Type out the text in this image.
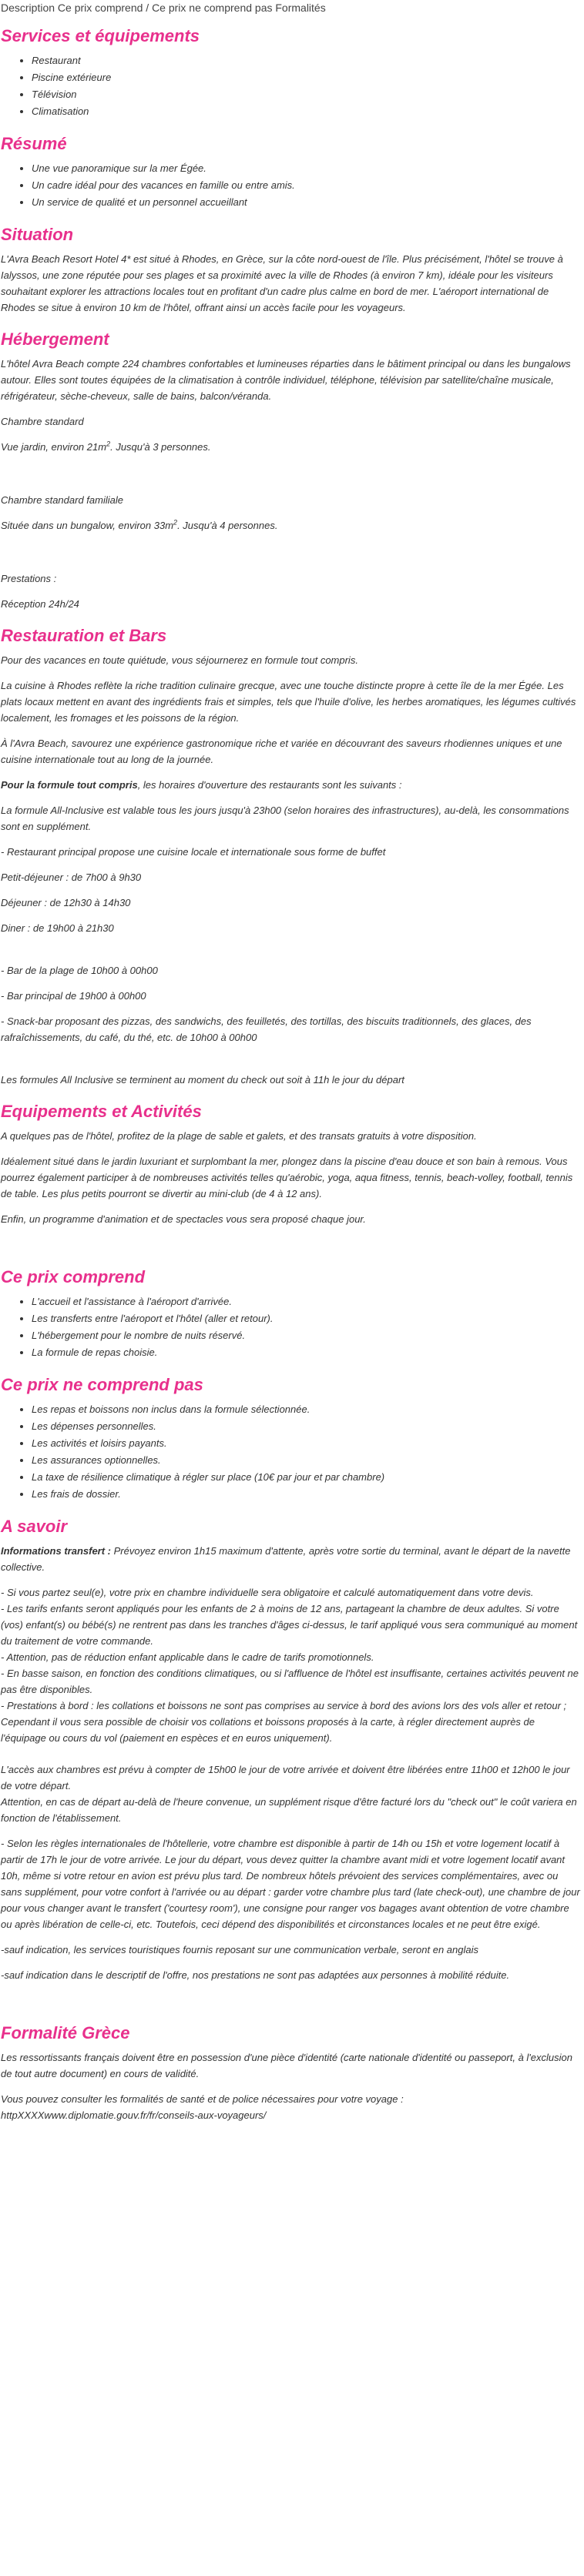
Description Ce prix comprend / Ce prix ne comprend pas Formalités
Services et équipements
• Restaurant
• Piscine extérieure
• Télévision
• Climatisation
Résumé
• Une vue panoramique sur la mer Égée.
• Un cadre idéal pour des vacances en famille ou entre amis.
• Un service de qualité et un personnel accueillant
Situation

L'Avra Beach Resort Hotel 4* est situé à Rhodes, en Grèce, sur la côte nord-ouest de l'île. Plus précisément, l'hôtel se trouve à Ialyssos, une zone réputée pour ses plages et sa proximité avec la ville de Rhodes (à environ 7 km), idéale pour les visiteurs souhaitant explorer les attractions locales tout en profitant d'un cadre plus calme en bord de mer. L'aéroport international de Rhodes se situe à environ 10 km de l'hôtel, offrant ainsi un accès facile pour les voyageurs.

Hébergement

L'hôtel Avra Beach compte 224 chambres confortables et lumineuses réparties dans le bâtiment principal ou dans les bungalows autour. Elles sont toutes équipées de la climatisation à contrôle individuel, téléphone, télévision par satellite/chaîne musicale, réfrigérateur, sèche-cheveux, salle de bains, balcon/véranda.

Chambre standard

Vue jardin, environ $21m^2$. Jusqu'à 3 personnes.

Chambre standard familiale

Située dans un bungalow, environ $33m^2$. Jusqu'à 4 personnes.

Prestations :

Réception 24h/24

Restauration et Bars

Pour des vacances en toute quiétude, vous séjournerez en formule tout compris.

La cuisine à Rhodes reflète la riche tradition culinaire grecque, avec une touche distincte propre à cette île de la mer Égée. Les plats locaux mettent en avant des ingrédients frais et simples, tels que l'huile d'olive, les herbes aromatiques, les légumes cultivés localement, les fromages et les poissons de la région.

À l'Avra Beach, savourez une expérience gastronomique riche et variée en découvrant des saveurs rhodiennes uniques et une cuisine internationale tout au long de la journée.

Pour la formule tout compris, les horaires d'ouverture des restaurants sont les suivants :

La formule All-Inclusive est valable tous les jours jusqu'à 23h00 (selon horaires des infrastructures), au-delà, les consommations sont en supplément.

- Restaurant principal propose une cuisine locale et internationale sous forme de buffet

Petit-déjeuner : de 7h00 à 9h30

Déjeuner : de 12h30 à 14h30

Diner : de 19h00 à 21h30

- Bar de la plage de 10h00 à 00h00

- Bar principal de 19h00 à 00h00

- Snack-bar proposant des pizzas, des sandwichs, des feuilletés, des tortillas, des biscuits traditionnels, des glaces, des rafraîchissements, du café, du thé, etc. de 10h00 à 00h00

Les formules All Inclusive se terminent au moment du check out soit à 11h le jour du départ

Equipements et Activités

A quelques pas de l'hôtel, profitez de la plage de sable et galets, et des transats gratuits à votre disposition.

Idéalement situé dans le jardin luxuriant et surplombant la mer, plongez dans la piscine d'eau douce et son bain à remous. Vous pourrez également participer à de nombreuses activités telles qu'aérobic, yoga, aqua fitness, tennis, beach-volley, football, tennis de table. Les plus petits pourront se divertir au mini-club (de 4 à 12 ans).

Enfin, un programme d'animation et de spectacles vous sera proposé chaque jour.

Ce prix comprend
• L'accueil et l'assistance à l'aéroport d'arrivée.
• Les transferts entre l'aéroport et l'hôtel (aller et retour).
• L'hébergement pour le nombre de nuits réservé.
• La formule de repas choisie.
Ce prix ne comprend pas
• Les repas et boissons non inclus dans la formule sélectionnée.
• Les dépenses personnelles.
• Les activités et loisirs payants.
• Les assurances optionnelles.
• La taxe de résilience climatique à régler sur place (10€ par jour et par chambre)
• Les frais de dossier.
A savoir

Informations transfert : Prévoyez environ 1h15 maximum d'attente, après votre sortie du terminal, avant le départ de la navette collective.

- Si vous partez seul(e), votre prix en chambre individuelle sera obligatoire et calculé automatiquement dans votre devis.
- Les tarifs enfants seront appliqués pour les enfants de 2 à moins de 12 ans, partageant la chambre de deux adultes. Si votre (vos) enfant(s) ou bébé(s) ne rentrent pas dans les tranches d'âges ci-dessus, le tarif appliqué vous sera communiqué au moment du traitement de votre commande.
- Attention, pas de réduction enfant applicable dans le cadre de tarifs promotionnels.
- En basse saison, en fonction des conditions climatiques, ou si l'affluence de l'hôtel est insuffisante, certaines activités peuvent ne pas être disponibles.
- Prestations à bord : les collations et boissons ne sont pas comprises au service à bord des avions lors des vols aller et retour ; Cependant il vous sera possible de choisir vos collations et boissons proposés à la carte, à régler directement auprès de l'équipage ou cours du vol (paiement en espèces et en euros uniquement).

L'accès aux chambres est prévu à compter de 15h00 le jour de votre arrivée et doivent être libérées entre 11h00 et 12h00 le jour de votre départ.
Attention, en cas de départ au-delà de l'heure convenue, un supplément risque d'être facturé lors du "check out" le coût variera en fonction de l'établissement.

- Selon les règles internationales de l'hôtellerie, votre chambre est disponible à partir de 14h ou 15h et votre logement locatif à partir de 17h le jour de votre arrivée. Le jour du départ, vous devez quitter la chambre avant midi et votre logement locatif avant 10h, même si votre retour en avion est prévu plus tard. De nombreux hôtels prévoient des services complémentaires, avec ou sans supplément, pour votre confort à l'arrivée ou au départ : garder votre chambre plus tard (late check-out), une chambre de jour pour vous changer avant le transfert ('courtesy room'), une consigne pour ranger vos bagages avant obtention de votre chambre ou après libération de celle-ci, etc. Toutefois, ceci dépend des disponibilités et circonstances locales et ne peut être exigé.

-sauf indication, les services touristiques fournis reposant sur une communication verbale, seront en anglais

-sauf indication dans le descriptif de l'offre, nos prestations ne sont pas adaptées aux personnes à mobilité réduite.

Formalité Grèce

Les ressortissants français doivent être en possession d'une pièce d'identité (carte nationale d'identité ou passeport, à l'exclusion de tout autre document) en cours de validité.

Vous pouvez consulter les formalités de santé et de police nécessaires pour votre voyage :
httpXXXXwww.diplomatie.gouv.fr/fr/conseils-aux-voyageurs/
